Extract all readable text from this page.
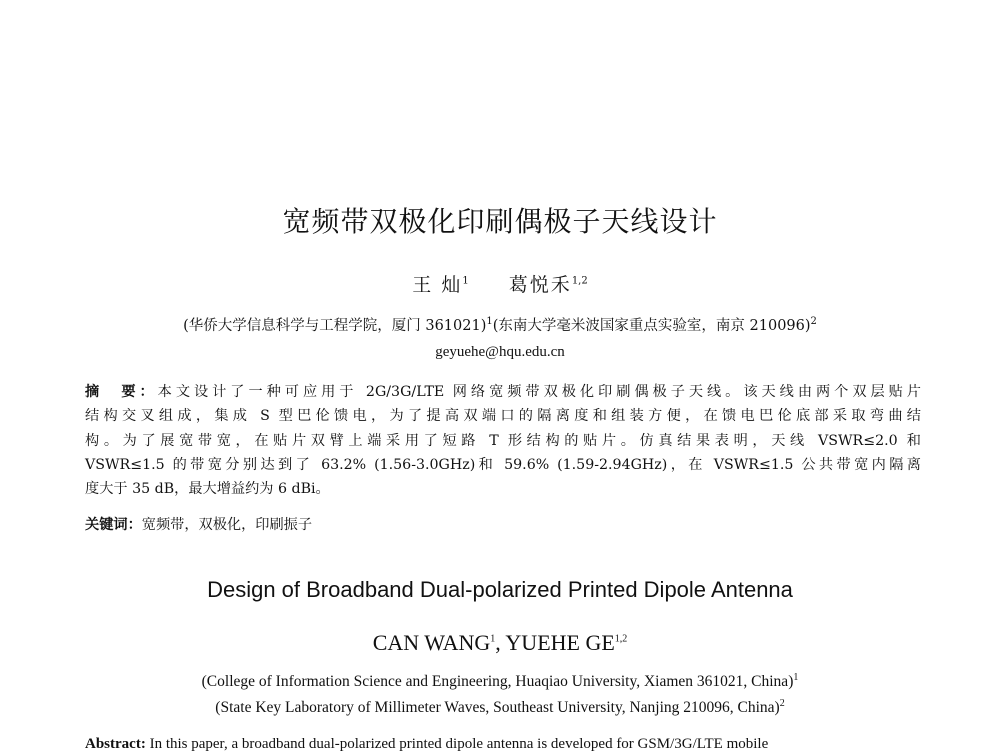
宽频带双极化印刷偶极子天线设计
王 灿$^1$ 葛悦禾$^{1,2}$
(华侨大学信息科学与工程学院，厦门 361021)$^1$(东南大学毫米波国家重点实验室，南京 210096)$^2$
geyuehe@hqu.edu.cn
摘　要：本文设计了一种可应用于 2G/3G/LTE 网络宽频带双极化印刷偶极子天线。该天线由两个双层贴片
结构交叉组成，集成 S 型巴伦馈电，为了提高双端口的隔离度和组装方便，在馈电巴伦底部采取弯曲结
构。为了展宽带宽，在贴片双臂上端采用了短路 T 形结构的贴片。仿真结果表明，天线 VSWR≤2.0 和
VSWR≤1.5 的带宽分别达到了 63.2% (1.56-3.0GHz)和 59.6% (1.59-2.94GHz)，在 VSWR≤1.5 公共带宽内隔离
度大于 35 dB，最大增益约为 6 dBi。
关键词：宽频带，双极化，印刷振子
Design of Broadband Dual-polarized Printed Dipole Antenna
CAN WANG$^1$, YUEHE GE$^{1,2}$
(College of Information Science and Engineering, Huaqiao University, Xiamen 361021, China)$^1$
(State Key Laboratory of Millimeter Waves, Southeast University, Nanjing 210096, China)$^2$
Abstract: In this paper, a broadband dual-polarized printed dipole antenna is developed for GSM/3G/LTE mobile
